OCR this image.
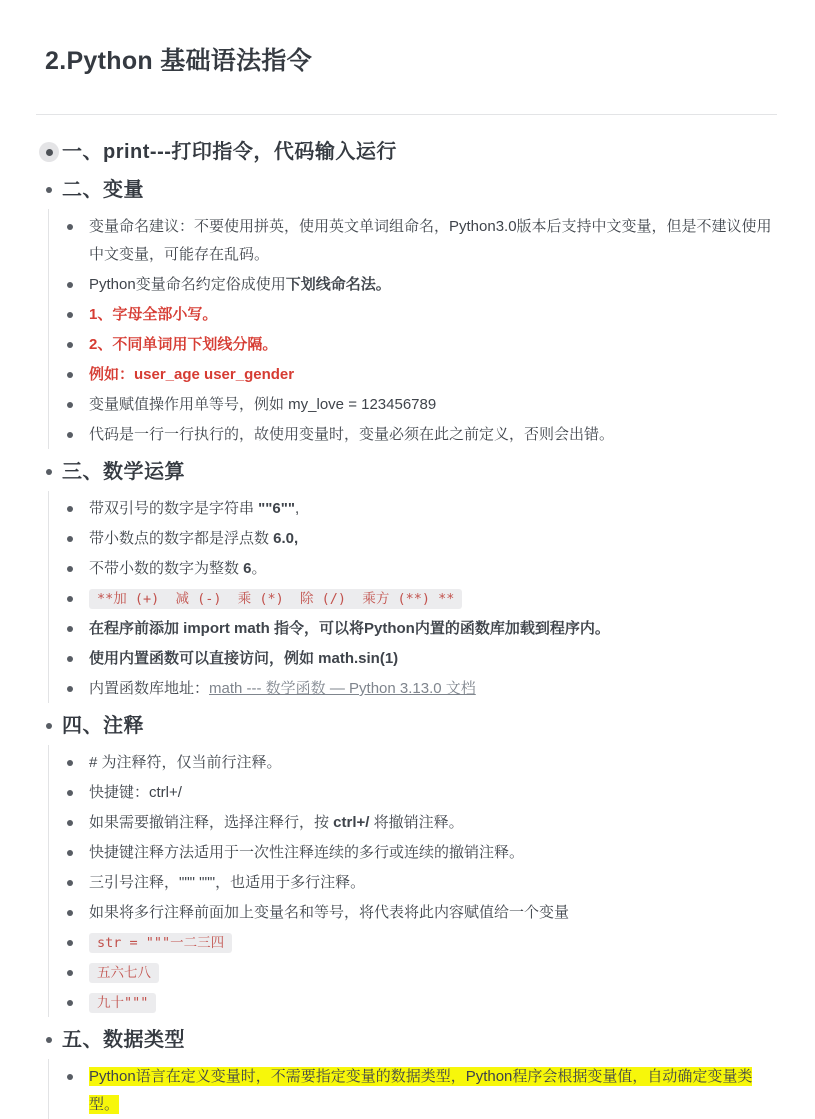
2.Python 基础语法指令
一、print---打印指令，代码输入运行
二、变量
变量命名建议：不要使用拼英，使用英文单词组命名，Python3.0版本后支持中文变量，但是不建议使用中文变量，可能存在乱码。
Python变量命名约定俗成使用下划线命名法。
1、字母全部小写。
2、不同单词用下划线分隔。
例如：user_age user_gender
变量赋值操作用单等号，例如 my_love = 123456789
代码是一行一行执行的，故使用变量时，变量必须在此之前定义，否则会出错。
三、数学运算
带双引号的数字是字符串 ""6"",
带小数点的数字都是浮点数 6.0,
不带小数的数字为整数 6。
**加 (+)  减 (-)  乘 (*)  除 (/)  乘方 (**) **
在程序前添加 import math 指令，可以将Python内置的函数库加载到程序内。
使用内置函数可以直接访问，例如 math.sin(1)
内置函数库地址：math --- 数学函数 — Python 3.13.0 文档
四、注释
# 为注释符，仅当前行注释。
快捷键：ctrl+/
如果需要撤销注释，选择注释行，按 ctrl+/ 将撤销注释。
快捷键注释方法适用于一次性注释连续的多行或连续的撤销注释。
三引号注释，""" """，也适用于多行注释。
如果将多行注释前面加上变量名和等号，将代表将此内容赋值给一个变量
str = """一二三四
五六七八
九十"""
五、数据类型
Python语言在定义变量时，不需要指定变量的数据类型，Python程序会根据变量值，自动确定变量类型。
